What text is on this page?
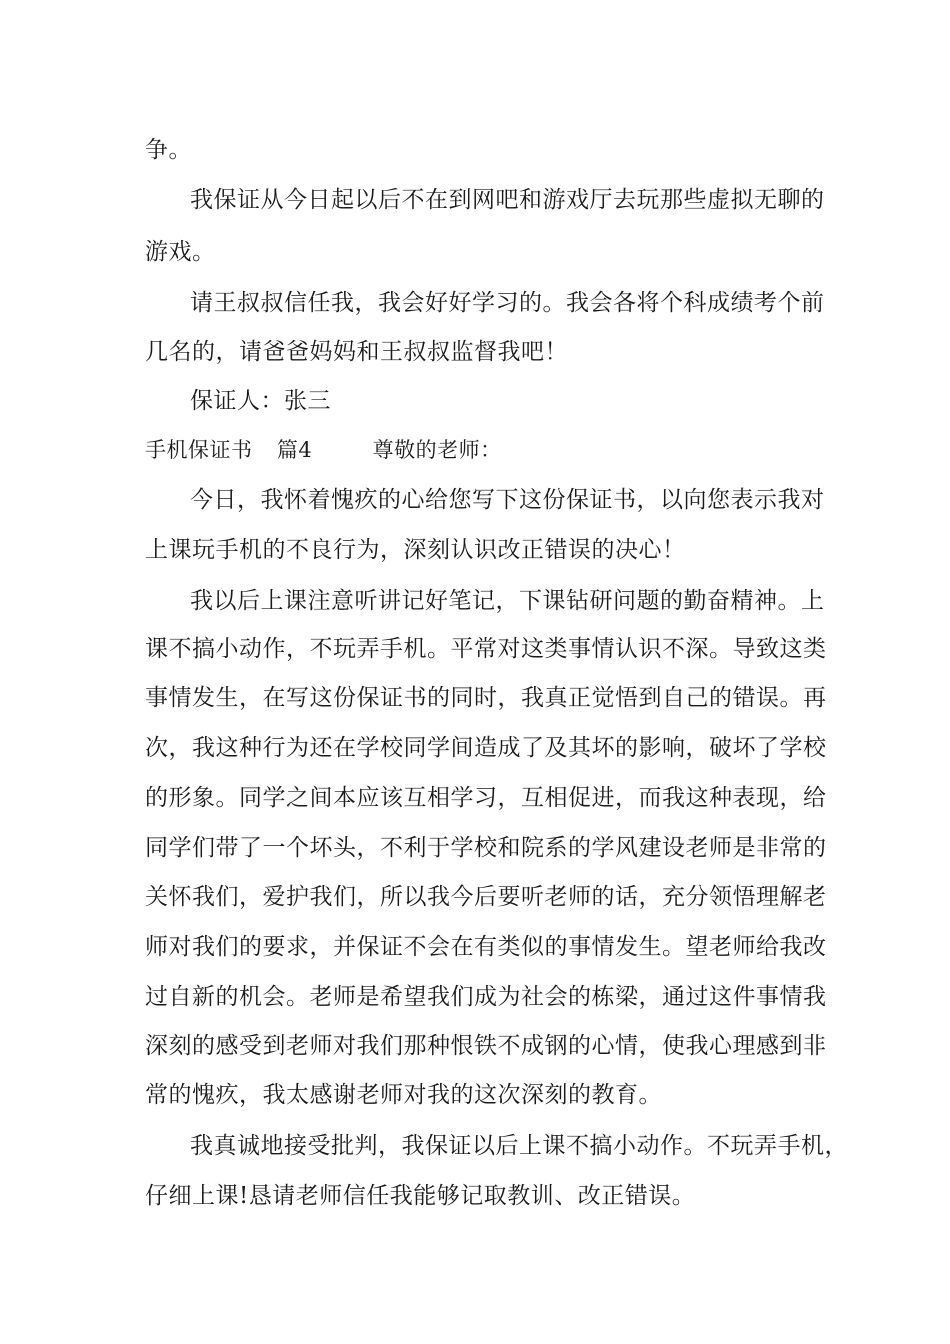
争。
我保证从今日起以后不在到网吧和游戏厅去玩那些虚拟无聊的
游戏。
请王叔叔信任我，我会好好学习的。我会各将个科成绩考个前
几名的，请爸爸妈妈和王叔叔监督我吧！
保证人：张三
手机保证书 篇4	尊敬的老师：
今日，我怀着愧疚的心给您写下这份保证书，以向您表示我对
上课玩手机的不良行为，深刻认识改正错误的决心！
我以后上课注意听讲记好笔记，下课钻研问题的勤奋精神。上
课不搞小动作，不玩弄手机。平常对这类事情认识不深。导致这类
事情发生，在写这份保证书的同时，我真正觉悟到自己的错误。再
次，我这种行为还在学校同学间造成了及其坏的影响，破坏了学校
的形象。同学之间本应该互相学习，互相促进，而我这种表现，给
同学们带了一个坏头，不利于学校和院系的学风建设老师是非常的
关怀我们，爱护我们，所以我今后要听老师的话，充分领悟理解老
师对我们的要求，并保证不会在有类似的事情发生。望老师给我改
过自新的机会。老师是希望我们成为社会的栋梁，通过这件事情我
深刻的感受到老师对我们那种恨铁不成钢的心情，使我心理感到非
常的愧疚，我太感谢老师对我的这次深刻的教育。
我真诚地接受批判，我保证以后上课不搞小动作。不玩弄手机，
仔细上课!恳请老师信任我能够记取教训、改正错误。
